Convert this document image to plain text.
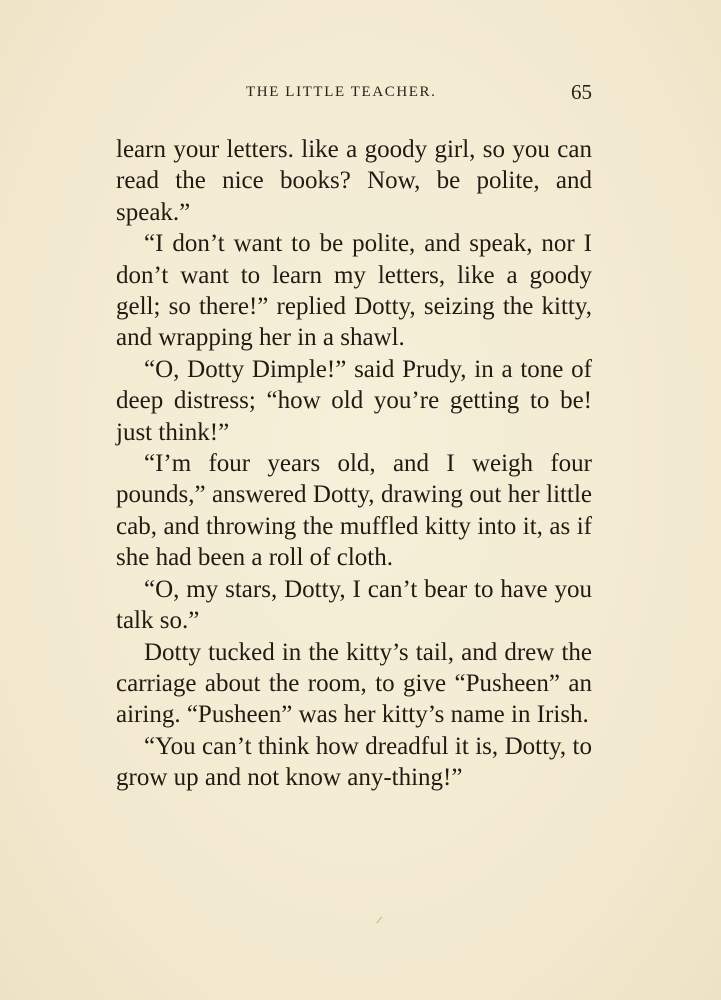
THE LITTLE TEACHER.	65

learn your letters. like a goody girl, so you can read the nice books? Now, be polite, and speak.”

“I don’t want to be polite, and speak, nor I don’t want to learn my letters, like a goody gell; so there!” replied Dotty, seizing the kitty, and wrapping her in a shawl.

“O, Dotty Dimple!” said Prudy, in a tone of deep distress; “how old you’re getting to be! just think!”

“I’m four years old, and I weigh four pounds,” answered Dotty, drawing out her little cab, and throwing the muffled kitty into it, as if she had been a roll of cloth.

“O, my stars, Dotty, I can’t bear to have you talk so.”

Dotty tucked in the kitty’s tail, and drew the carriage about the room, to give “Pusheen” an airing. “Pusheen” was her kitty’s name in Irish.

“You can’t think how dreadful it is, Dotty, to grow up and not know any-thing!”
